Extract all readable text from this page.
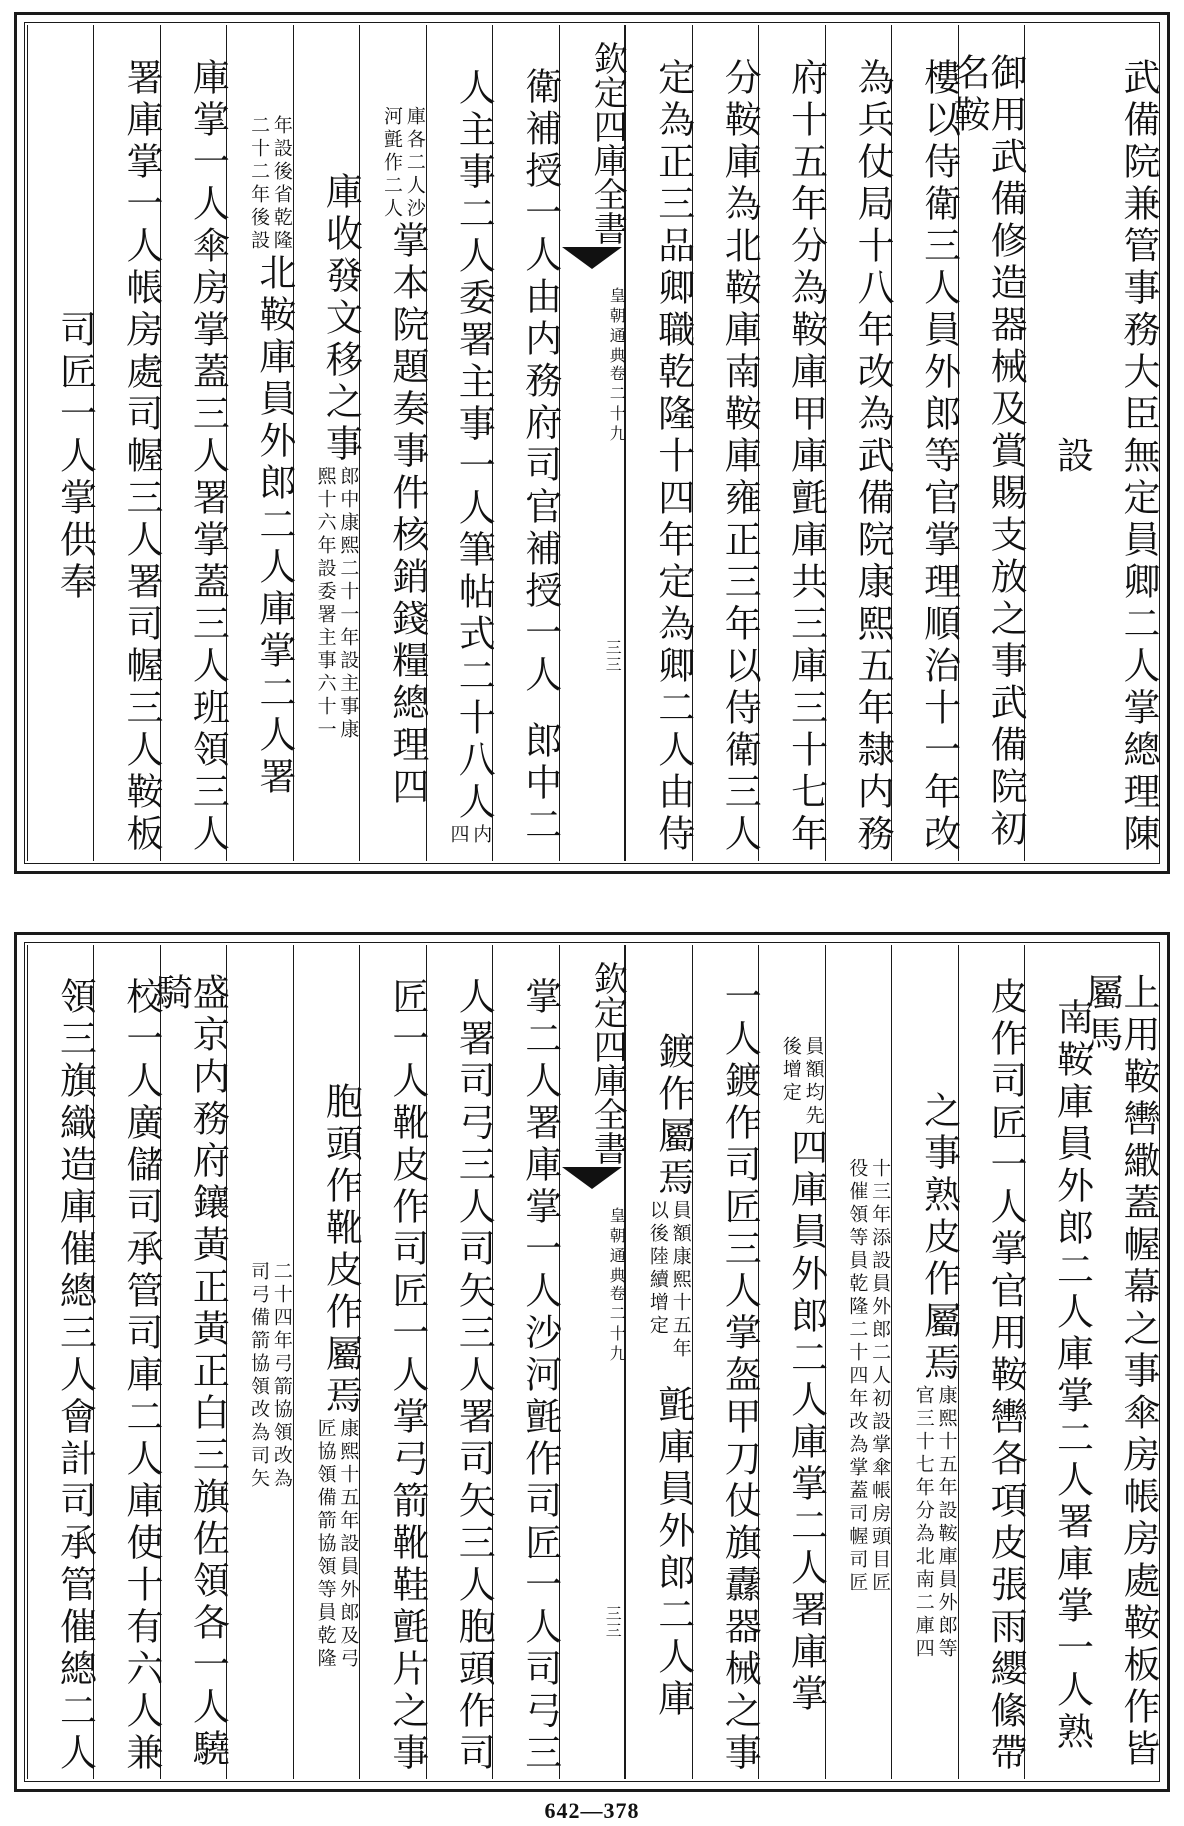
武備院兼管事務大臣無定員卿二人掌總理陳
設
御用武備修造器械及賞賜支放之事武備院初名鞍
樓以侍衛三人員外郎等官掌理順治十一年改
為兵仗局十八年改為武備院康熙五年隸内務
府十五年分為鞍庫甲庫氈庫共三庫三十七年
分鞍庫為北鞍庫南鞍庫雍正三年以侍衛三人
定為正三品卿職乾隆十四年定為卿二人由侍
欽定四庫全書
皇朝通典
卷二十九
三三
衛補授一人由内務府司官補授一人
郎中二
人主事二人委署主事一人筆帖式二十八人
内
四
庫各二人沙
河氈作二人
掌本院題奏事件核銷錢糧總理四
庫收發文移之事
郎中康熙二十一年設主事康
熙十六年設委署主事六十一
年設後省乾隆
二十二年後設
北鞍庫員外郎二人庫掌二人署
庫掌一人傘房掌蓋三人署掌蓋三人班領三人
署庫掌一人帳房處司幄三人署司幄三人鞍板
司匠一人掌供奉
上用鞍轡繖蓋幄幕之事傘房帳房處鞍板作皆屬馬
南鞍庫員外郎二人庫掌二人署庫掌一人熟
皮作司匠一人掌官用鞍轡各項皮張雨纓絛帶
之事熟皮作屬焉
康熙十五年設鞍庫員外郎等
官三十七年分為北南二庫四
十三年添設員外郎二人初設掌傘帳房頭目匠
役催領等員乾隆二十四年改為掌蓋司幄司匠
員額均先
後增定
四庫員外郎二人庫掌二人署庫掌
一人鍍作司匠三人掌盔甲刀仗旗纛器械之事
鍍作屬焉
員額康熙十五年
以後陸續增定
氈庫員外郎二人庫
欽定四庫全書
皇朝通典
卷二十九
三三
掌二人署庫掌一人沙河氈作司匠一人司弓三
人署司弓三人司矢三人署司矢三人胞頭作司
匠一人靴皮作司匠一人掌弓箭靴鞋氈片之事
胞頭作靴皮作屬焉
康熙十五年設員外郎及弓
匠協領備箭協領等員乾隆
二十四年弓箭協領改為
司弓備箭協領改為司矢
盛京内務府鑲黃正黃正白三旗佐領各一人驍騎
校一人廣儲司承管司庫二人庫使十有六人兼
領三旗織造庫催總三人會計司承管催總二人
642—378
